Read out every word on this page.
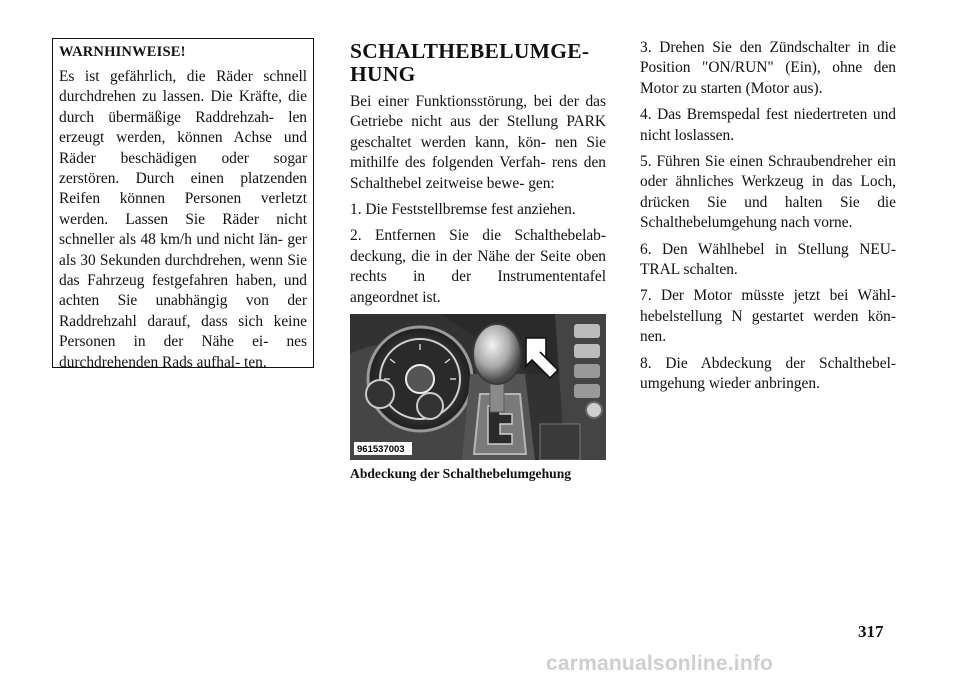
WARNHINWEISE!

Es ist gefährlich, die Räder schnell durchdrehen zu lassen. Die Kräfte, die durch übermäßige Raddrehzah- len erzeugt werden, können Achse und Räder beschädigen oder sogar zerstören. Durch einen platzenden Reifen können Personen verletzt werden. Lassen Sie Räder nicht schneller als 48 km/h und nicht län- ger als 30 Sekunden durchdrehen, wenn Sie das Fahrzeug festgefahren haben, und achten Sie unabhängig von der Raddrehzahl darauf, dass sich keine Personen in der Nähe ei- nes durchdrehenden Rads aufhal- ten.

SCHALTHEBELUMGE- HUNG

Bei einer Funktionsstörung, bei der das Getriebe nicht aus der Stellung PARK geschaltet werden kann, kön- nen Sie mithilfe des folgenden Verfah- rens den Schalthebel zeitweise bewe- gen:

1. Die Feststellbremse fest anziehen.

2. Entfernen Sie die Schalthebelab- deckung, die in der Nähe der Seite oben rechts in der Instrumententafel angeordnet ist.

961537003
Abdeckung der Schalthebelumgehung

3. Drehen Sie den Zündschalter in die Position "ON/RUN" (Ein), ohne den Motor zu starten (Motor aus).

4. Das Bremspedal fest niedertreten und nicht loslassen.

5. Führen Sie einen Schraubendreher ein oder ähnliches Werkzeug in das Loch, drücken Sie und halten Sie die Schalthebelumgehung nach vorne.

6. Den Wählhebel in Stellung NEU- TRAL schalten.

7. Der Motor müsste jetzt bei Wähl- hebelstellung N gestartet werden kön- nen.

8. Die Abdeckung der Schalthebel- umgehung wieder anbringen.

317
carmanualsonline.info
